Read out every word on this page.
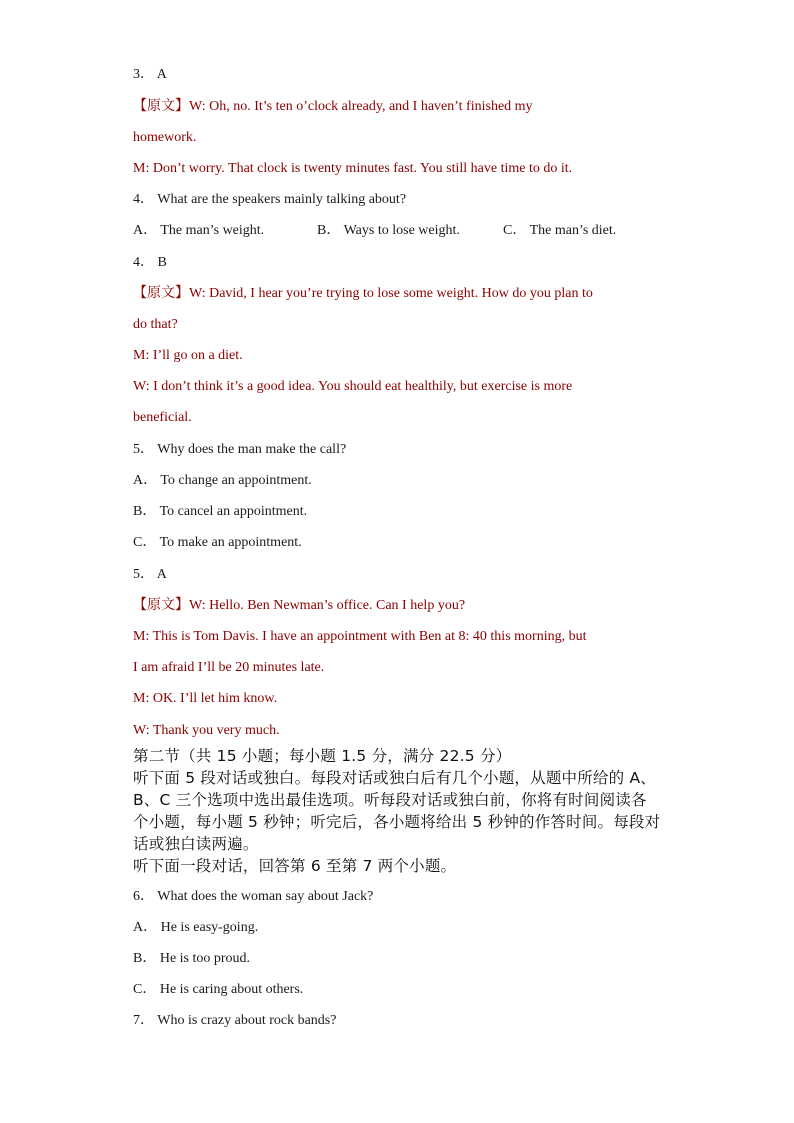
3． A
【原文】W: Oh, no. It’s ten o’clock already, and I haven’t finished my
homework.
M: Don’t worry. That clock is twenty minutes fast. You still have time to do it.
4． What are the speakers mainly talking about?
A． The man’s weight.	B． Ways to lose weight.	C． The man’s diet.
4． B
【原文】W: David, I hear you’re trying to lose some weight. How do you plan to
do that?
M: I’ll go on a diet.
W: I don’t think it’s a good idea. You should eat healthily, but exercise is more
beneficial.
5． Why does the man make the call?
A． To change an appointment.
B． To cancel an appointment.
C． To make an appointment.
5． A
【原文】W: Hello. Ben Newman’s office. Can I help you?
M: This is Tom Davis. I have an appointment with Ben at 8: 40 this morning, but
I am afraid I’ll be 20 minutes late.
M: OK. I’ll let him know.
W: Thank you very much.
第二节（共 15 小题；每小题 1.5 分，满分 22.5 分）
听下面 5 段对话或独白。每段对话或独白后有几个小题，从题中所给的 A、
B、C 三个选项中选出最佳选项。听每段对话或独白前，你将有时间阅读各
个小题，每小题 5 秒钟；听完后，各小题将给出 5 秒钟的作答时间。每段对
话或独白读两遍。
听下面一段对话，回答第 6 至第 7 两个小题。
6． What does the woman say about Jack?
A． He is easy-going.
B． He is too proud.
C． He is caring about others.
7． Who is crazy about rock bands?
